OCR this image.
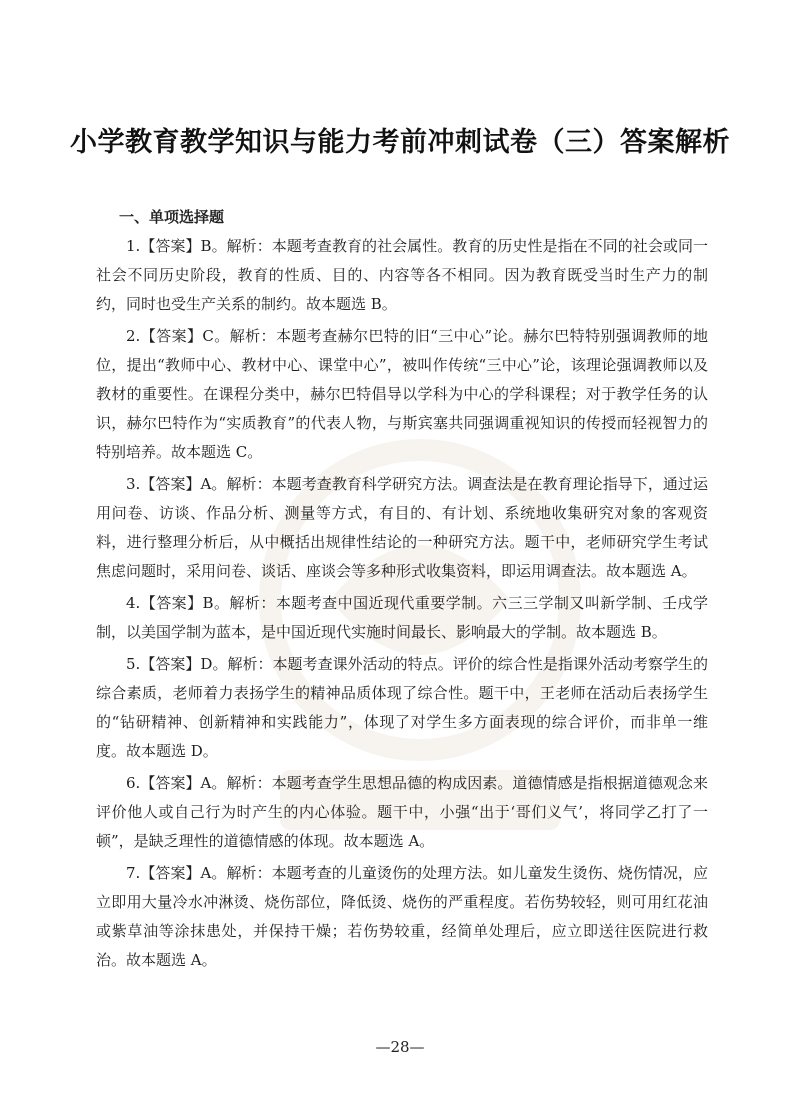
小学教育教学知识与能力考前冲刺试卷（三）答案解析
一、单项选择题

1.【答案】B。解析：本题考查教育的社会属性。教育的历史性是指在不同的社会或同一社会不同历史阶段，教育的性质、目的、内容等各不相同。因为教育既受当时生产力的制约，同时也受生产关系的制约。故本题选 B。

2.【答案】C。解析：本题考查赫尔巴特的旧“三中心”论。赫尔巴特特别强调教师的地位，提出“教师中心、教材中心、课堂中心”，被叫作传统“三中心”论，该理论强调教师以及教材的重要性。在课程分类中，赫尔巴特倡导以学科为中心的学科课程；对于教学任务的认识，赫尔巴特作为“实质教育”的代表人物，与斯宾塞共同强调重视知识的传授而轻视智力的特别培养。故本题选 C。

3.【答案】A。解析：本题考查教育科学研究方法。调查法是在教育理论指导下，通过运用问卷、访谈、作品分析、测量等方式，有目的、有计划、系统地收集研究对象的客观资料，进行整理分析后，从中概括出规律性结论的一种研究方法。题干中，老师研究学生考试焦虑问题时，采用问卷、谈话、座谈会等多种形式收集资料，即运用调查法。故本题选 A。

4.【答案】B。解析：本题考查中国近现代重要学制。六三三学制又叫新学制、壬戌学制，以美国学制为蓝本，是中国近现代实施时间最长、影响最大的学制。故本题选 B。

5.【答案】D。解析：本题考查课外活动的特点。评价的综合性是指课外活动考察学生的综合素质，老师着力表扬学生的精神品质体现了综合性。题干中，王老师在活动后表扬学生的“钻研精神、创新精神和实践能力”，体现了对学生多方面表现的综合评价，而非单一维度。故本题选 D。

6.【答案】A。解析：本题考查学生思想品德的构成因素。道德情感是指根据道德观念来评价他人或自己行为时产生的内心体验。题干中，小强“出于‘哥们义气’，将同学乙打了一顿”，是缺乏理性的道德情感的体现。故本题选 A。

7.【答案】A。解析：本题考查的儿童烫伤的处理方法。如儿童发生烫伤、烧伤情况，应立即用大量冷水冲淋烫、烧伤部位，降低烫、烧伤的严重程度。若伤势较轻，则可用红花油或紫草油等涂抹患处，并保持干燥；若伤势较重，经简单处理后，应立即送往医院进行救治。故本题选 A。

—28—
